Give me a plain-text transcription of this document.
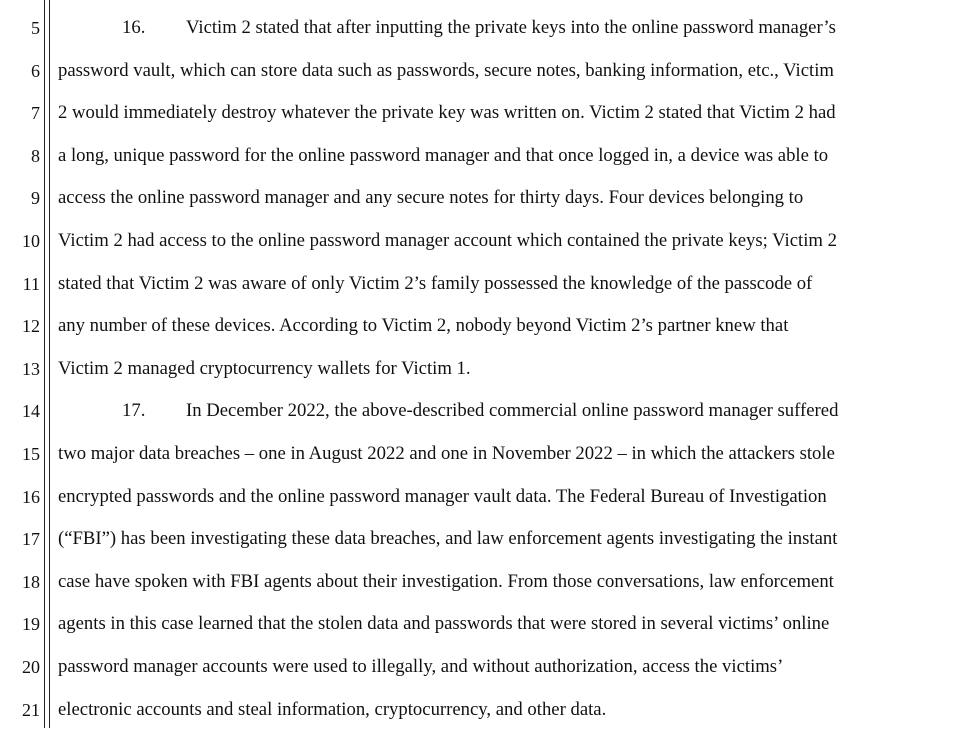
5
6
7
8
9
10
11
12
13
14
15
16
17
18
19
20
21
16. Victim 2 stated that after inputting the private keys into the online password manager’s
password vault, which can store data such as passwords, secure notes, banking information, etc., Victim
2 would immediately destroy whatever the private key was written on. Victim 2 stated that Victim 2 had
a long, unique password for the online password manager and that once logged in, a device was able to
access the online password manager and any secure notes for thirty days. Four devices belonging to
Victim 2 had access to the online password manager account which contained the private keys; Victim 2
stated that Victim 2 was aware of only Victim 2’s family possessed the knowledge of the passcode of
any number of these devices. According to Victim 2, nobody beyond Victim 2’s partner knew that
Victim 2 managed cryptocurrency wallets for Victim 1.
17. In December 2022, the above-described commercial online password manager suffered
two major data breaches – one in August 2022 and one in November 2022 – in which the attackers stole
encrypted passwords and the online password manager vault data. The Federal Bureau of Investigation
(“FBI”) has been investigating these data breaches, and law enforcement agents investigating the instant
case have spoken with FBI agents about their investigation. From those conversations, law enforcement
agents in this case learned that the stolen data and passwords that were stored in several victims’ online
password manager accounts were used to illegally, and without authorization, access the victims’
electronic accounts and steal information, cryptocurrency, and other data.
